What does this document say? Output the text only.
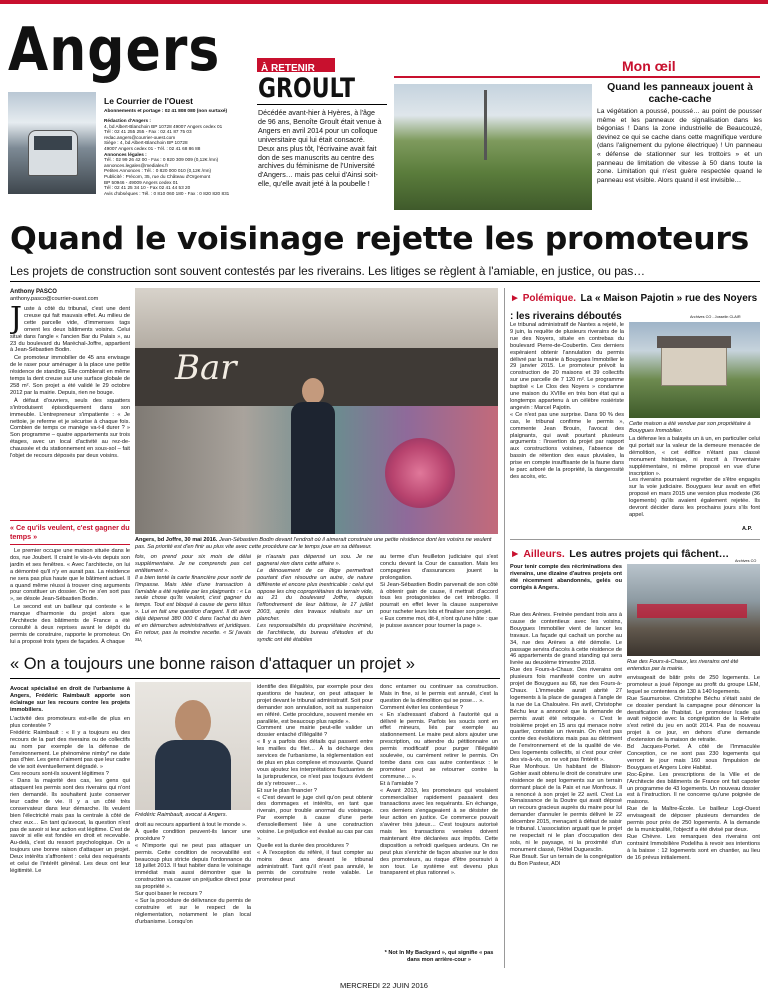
Angers
Le Courrier de l'Ouest
Abonnements et portage : 02 41 808 080 (non surtaxé)
Rédaction d'Angers :
4, bd Albert-Blanchoin BP 10728 49007 Angers cedex 01
Tél : 02 41 255 255 - Fax : 02 41 87 75 03
redac.angers@courrier-ouest.com
Siège : 4, bd Albert-Blanchoin BP 10728
49007 Angers cedex 01 - Tél. : 02 41 68 86 88
Annonces légales :
Tél. : 02 99 26 42 00 - Fax : 0 820 309 009 (0,12€ /mn)
annonces.legales@medialex.fr
Petites Annonces : Tél. : 0 820 000 010 (0,12€ /mn)
Publicité : Précom, 35, rue du Château d'Orgemont
BP 50946 - 49009 Angers cedex 01
Tél : 02 41 25 34 10 - Fax 02 41 44 53 20
Avis d'obsèques : Tél. : 0 810 060 180 - Fax : 0 820 820 831
À RETENIR
GROULT
Décédée avant-hier à Hyères, à l'âge de 96 ans, Benoîte Groult était venue à Angers en avril 2014 pour un colloque universitaire qui lui était consacré. Deux ans plus tôt, l'écrivaine avait fait don de ses manuscrits au centre des archives du féminisme de l'Université d'Angers… mais pas celui d'Ainsi soit-elle, qu'elle avait jeté à la poubelle !
Mon œil
Quand les panneaux jouent à cache-cache
La végétation a poussé, poussé… au point de pousser même et les panneaux de signalisation dans les bégonias ! Dans la zone industrielle de Beaucouzé, devinez ce qui se cache dans cette magnifique verdure (dans l'alignement du pylone électrique) ! Un panneau « défense de stationner sur les trottoirs » et un panneau de limitation de vitesse à 50 dans toute la zone. Limitation qui n'est guère respectée quand le panneau est visible. Alors quand il est invisible…
Quand le voisinage rejette les promoteurs
Les projets de construction sont souvent contestés par les riverains. Les litiges se règlent à l'amiable, en justice, ou pas…
Anthony PASCO
anthony.pasco@courrier-ouest.com
J uste à côté du tribunal, c'est une dent creuse qui fait mauvais effet. Au milieu de cette parcelle vide, d'immenses tags ornent les deux bâtiments voisins. Celui situé dans l'angle « l'ancien Bar du Palais », au 23 du boulevard du Maréchal-Joffre, appartient à Jean-Sébastien Bodin.

Ce promoteur immobilier de 45 ans envisage de le raser pour aménager à la place une petite résidence de standing. Elle comblerait en même temps la dent creuse sur une surface globale de 258 m². Son projet a été validé le 29 octobre 2012 par la mairie. Depuis, rien ne bouge.

À défaut d'ouvriers, seuls des squatters s'introduisent épisodiquement dans son immeuble. L'entrepreneur s'impatiente : « Je nettoie, je referme et je sécurise à chaque fois. Combien de temps ce manège va-t-il durer ? » Son programme – quatre appartements sur trois étages, avec un local d'activité au rez-de-chaussée et du stationnement en sous-sol – fait l'objet de recours déposés par deux voisins.

« Ce qu'ils veulent, c'est gagner du temps »

Le premier occupe une maison située dans le dos, rue Joubert. Il craint le vis-à-vis depuis son jardin et ses fenêtres. « Avec l'architecte, on lui a démontré qu'il n'y en aurait pas. La résidence ne sera pas plus haute que le bâtiment actuel. Il a quand même réussi à trouver cinq arguments pour constituer un dossier. On ne s'en sort pas », se désole Jean-Sébastien Bodin.

Le second est un bailleur qui conteste « le manque d'harmonie du projet alors que l'Architecte des bâtiments de France a été consulté à deux reprises avant le dépôt du permis de construire, rapporte le promoteur. On lui a proposé trois types de façades. À chaque

Bar
Angers, bd Joffre, 30 mai 2016. Jean-Sébastien Bodin devant l'endroit où il aimerait construire une petite résidence dont les voisins ne veulent pas. Sa priorité est d'en finir au plus vite avec cette procédure car le temps joue en sa défaveur.
fois, on prend pour six mois de délai supplémentaire. Je ne comprends pas cet entêtement ».
Il a bien tenté la carte financière pour sortir de l'impasse. Mais idée d'une transaction à l'amiable a été rejetée par les plaignants : « La seule chose qu'ils veulent, c'est gagner du temps. Tout est bloqué à cause de gens têtus ». Lui en fait une question d'argent. Il dit avoir déjà dépensé 380 000 € dans l'achat du bien et en démarches administratives et juridiques. En retour, pas la moindre recette. « Si j'avais su,
je n'aurais pas dépensé un sou. Je ne gagnerai rien dans cette affaire ».
Le dénouement de ce litige permettrait pourtant d'en résoudre un autre, de nature différente et encore plus inextricable : celui qui oppose les cinq copropriétaires du terrain vide, au 21 du boulevard Joffre, depuis l'effondrement de leur bâtisse, le 17 juillet 2003, après des travaux réalisés sur un plancher.
Les responsabilités du propriétaire incriminé, de l'architecte, du bureau d'études et du syndic ont été établies
au terme d'un feuilleton judiciaire qui s'est conclu devant la Cour de cassation. Mais les compagnies d'assurances jouent la prolongation.
Si Jean-Sébastien Bodin parvenait de son côté à obtenir gain de cause, il mettrait d'accord tous les protagonistes de cet imbroglio. Il pourrait en effet lever la clause suspensive pour racheter leurs lots et finaliser son projet.
« Eux comme moi, dit-il, n'ont qu'une hâte : que je puisse avancer pour tourner la page ».
► Polémique. La « Maison Pajotin » rue des Noyers : les riverains déboutés	Archives CO - Josselin CLAIR
Le tribunal administratif de Nantes a rejeté, le 9 juin, la requête de plusieurs riverains de la rue des Noyers, située en contrebas du boulevard Pierre-de-Coubertin. Ces derniers espéraient obtenir l'annulation du permis délivré par la mairie à Bouygues Immobilier le 29 janvier 2015. Le promoteur prévoit la construction de 20 maisons et 39 collectifs sur une parcelle de 7 120 m². Le programme baptisé « Le Clos des Noyers » condamne une maison du XVIIIe en très bon état qui a longtemps appartenu à un célèbre rosiériste angevin : Marcel Pajotin.
« Ce n'est pas une surprise. Dans 90 % des cas, le tribunal confirme le permis », commente Jean Brouin, l'avocat des plaignants, qui avait pourtant plusieurs arguments : l'insertion du projet par rapport aux constructions voisines, l'absence de bassin de rétention des eaux pluviales, la prise en compte insuffisante de la faune dans le parc arboré de la propriété, la dangerosité des accès, etc.
Cette maison a été vendue par son propriétaire à Bouygues Immobilier.
La défense les a balayés un à un, en particulier celui qui portait sur la valeur de la demeure menacée de démolition, « cet édifice n'étant pas classé monument historique, ni inscrit à l'inventaire supplémentaire, ni même proposé en vue d'une inscription ».
Les riverains pourraient regretter de s'être engagés sur la voie judiciaire. Bouygues leur avait en effet proposé en mars 2015 une version plus modeste (36 logements) qu'ils avaient également rejetée. Ils devront décider dans les prochains jours s'ils font appel.
A.P.
► Ailleurs. Les autres projets qui fâchent…
Archives CO
Pour tenir compte des récriminations des riverains, une dizaine d'autres projets ont été récemment abandonnés, gelés ou corrigés à Angers.
Rue des Arènes. Freinée pendant trois ans à cause de contentieux avec les voisins, Bouygues Immobilier vient de lancer les travaux. La façade qui cachait un porche au 34, rue des Arènes a été démolie. Le passage servira d'accès à cette résidence de 46 appartements de grand standing qui sera livrée au deuxième trimestre 2018.
Rue des Fours-à-Chaux. Des riverains ont plusieurs fois manifesté contre un autre projet de Bouygues au 68, rue des Fours-à-Chaux. L'immeuble aurait abrité 27 logements à la place de garages à l'angle de la rue de La Chalouère. Fin avril, Christophe Béchu leur a annoncé que la demande de permis avait été retoquée. « C'est le troisième projet en 15 ans qui menace notre quartier, constate un riverain. On n'est pas contre des évolutions mais pas au détriment de l'environnement et de la qualité de vie. Des logements collectifs, si c'est pour créer des vis-à-vis, on ne voit pas l'intérêt ».
Rue Monfroux. Un habitant de Blaison-Gohier avait obtenu le droit de construire une résidence de sept logements sur un terrain dormant placé de la Paix et rue Monfroux. Il a renoncé à son projet le 22 avril. C'est La Renaissance de la Doutre qui avait déposé un recours gracieux auprès du maire pour lui demander d'annuler le permis délivré le 22 décembre 2015, menaçant à défaut de saisir le tribunal. L'association arguait que le projet ne respectait ni le plan d'occupation des sols, ni le paysage, ni la proximité d'un monument classé, l'Hôtel Duguesclin.
Rue Brault. Sur un terrain de la congrégation du Bon Pasteur, ADI
Rue des Fours-à-Chaux, les riverains ont été entendus par la mairie.
envisageait de bâtir près de 250 logements. Le promoteur a joué l'éponge au profit du groupe LEM, lequel se contentera de 130 à 140 logements.
Rue Saumuroise. Christophe Béchu s'était saisi de ce dossier pendant la campagne pour dénoncer la densification de l'habitat. Le promoteur Icade qui avait négocié avec la congrégation de la Retraite s'est retiré du jeu en août 2014. Pas de nouveau projet à ce jour, en dehors d'une demande d'extension de la maison de retraite.
Bd Jacques-Portet. À côté de l'Immaculée Conception, ce ne sont pas 230 logements qui verront le jour mais 160 sous l'impulsion de Bouygues et Angers Loire Habitat.
Roc-Épine. Les prescriptions de la Ville et de l'Architecte des bâtiments de France ont fait capoter un programme de 43 logements. Un nouveau dossier est à l'instruction. Il ne concerne qu'une poignée de maisons.
Rue de la Maître-École. Le bailleur Logi-Ouest envisageait de déposer plusieurs demandes de permis pour près de 250 logements. À la demande de la municipalité, l'objectif a été divisé par deux.
Rue Chèvre. Les remarques des riverains ont contraint Immobilière Podeliha à revoir ses intentions à la baisse : 12 logements sont en chantier, au lieu de 16 prévus initialement.
« On a toujours une bonne raison d'attaquer un projet »
Avocat spécialisé en droit de l'urbanisme à Angers, Frédéric Raimbault apporte son éclairage sur les recours contre les projets immobiliers.
L'activité des promoteurs est-elle de plus en plus contestée ?
Frédéric Raimbault : « Il y a toujours eu des recours de la part des riverains ou de collectifs au nom par exemple de la défense de l'environnement. Le phénomène nimby* ne date pas d'hier. Les gens n'aiment pas que leur cadre de vie soit éventuellement dégradé. »
Ces recours sont-ils souvent légitimes ?
« Dans la majorité des cas, les gens qui attaquent les permis sont des riverains qui n'ont rien demandé. Ils souhaitent juste conserver leur cadre de vie. Il y a un côté très conservateur dans leur démarche. Ils veulent bien l'électricité mais pas la centrale à côté de chez eux… En tant qu'avocat, la question n'est pas de savoir si leur action est légitime. C'est de savoir si elle est fondée en droit et recevable. Au-delà, c'est du ressort psychologique. On a toujours une bonne raison d'attaquer un projet. Deux intérêts s'affrontent : celui des requérants et celui de l'intérêt général. Les deux ont leur légitimité. Le
Frédéric Raimbault, avocat à Angers.
droit au recours appartient à tout le monde ».
À quelle condition peuvent-ils lancer une procédure ?
« N'importe qui ne peut pas attaquer un permis. Cette condition de recevabilité est beaucoup plus stricte depuis l'ordonnance du 18 juillet 2013. Il faut habiter dans le voisinage immédiat mais aussi démontrer que la construction va causer un préjudice direct pour sa propriété ».
Sur quoi baser le recours ?
« Sur la procédure de délivrance du permis de construire et sur le respect de la réglementation, notamment le plan local d'urbanisme. Lorsqu'on
identifie des illégalités, par exemple pour des questions de hauteur, on peut attaquer le projet devant le tribunal administratif. Soit pour demander son annulation, soit sa suspension en référé. Cette procédure, souvent menée en parallèle, est beaucoup plus rapide ».
Comment une mairie peut-elle valider un dossier entaché d'illégalité ?
« Il y a parfois des détails qui passent entre les mailles du filet… À la décharge des services de l'urbanisme, la réglementation est de plus en plus complexe et mouvante. Quand vous ajoutez les interprétations fluctuantes de la jurisprudence, ce n'est pas toujours évident de s'y retrouver… ».
Et sur le plan financier ?
« C'est devant le juge civil qu'on peut obtenir des dommages et intérêts, en tant que riverain, pour trouble anormal du voisinage. Par exemple à cause d'une perte d'ensoleillement liée à une construction voisine. Le préjudice est évalué au cas par cas ».
Quelle est la durée des procédures ?
« À l'exception du référé, il faut compter au moins deux ans devant le tribunal administratif. Tant qu'il n'est pas annulé, le permis de construire reste valable. Le promoteur peut
donc entamer ou continuer sa construction. Mais in fine, si le permis est annulé, c'est la question de la démolition qui se pose… ».
Comment éviter les contentieux ?
« En s'adressant d'abord à l'autorité qui a délivré le permis. Parfois les soucis sont en effet mineurs, liés par exemple au stationnement. Le maire peut alors ajouter une prescription, ou attendre du pétitionnaire un permis modificatif pour purger l'illégalité soulevée, ou carrément retirer le permis. On tombe dans ces cas autre contentieux : le promoteur peut se retourner contre la commune… ».
Et à l'amiable ?
« Avant 2013, les promoteurs qui voulaient commercialiser rapidement passaient des transactions avec les requérants. En échange, ces derniers s'engageaient à se désister de leur action en justice. Ce commerce pouvait s'avérer très juteux… C'est toujours autorisé mais les transactions versées doivent maintenant être déclarées aux impôts. Cette disposition a refroidi quelques ardeurs. On ne peut plus s'enrichir de façon abusive sur le dos des promoteurs, au risque d'être poursuivi à son tour. Le système est devenu plus transparent et plus rationnel ».
* Not In My Backyard », qui signifie « pas dans mon arrière-cour »
MERCREDI 22 JUIN 2016
